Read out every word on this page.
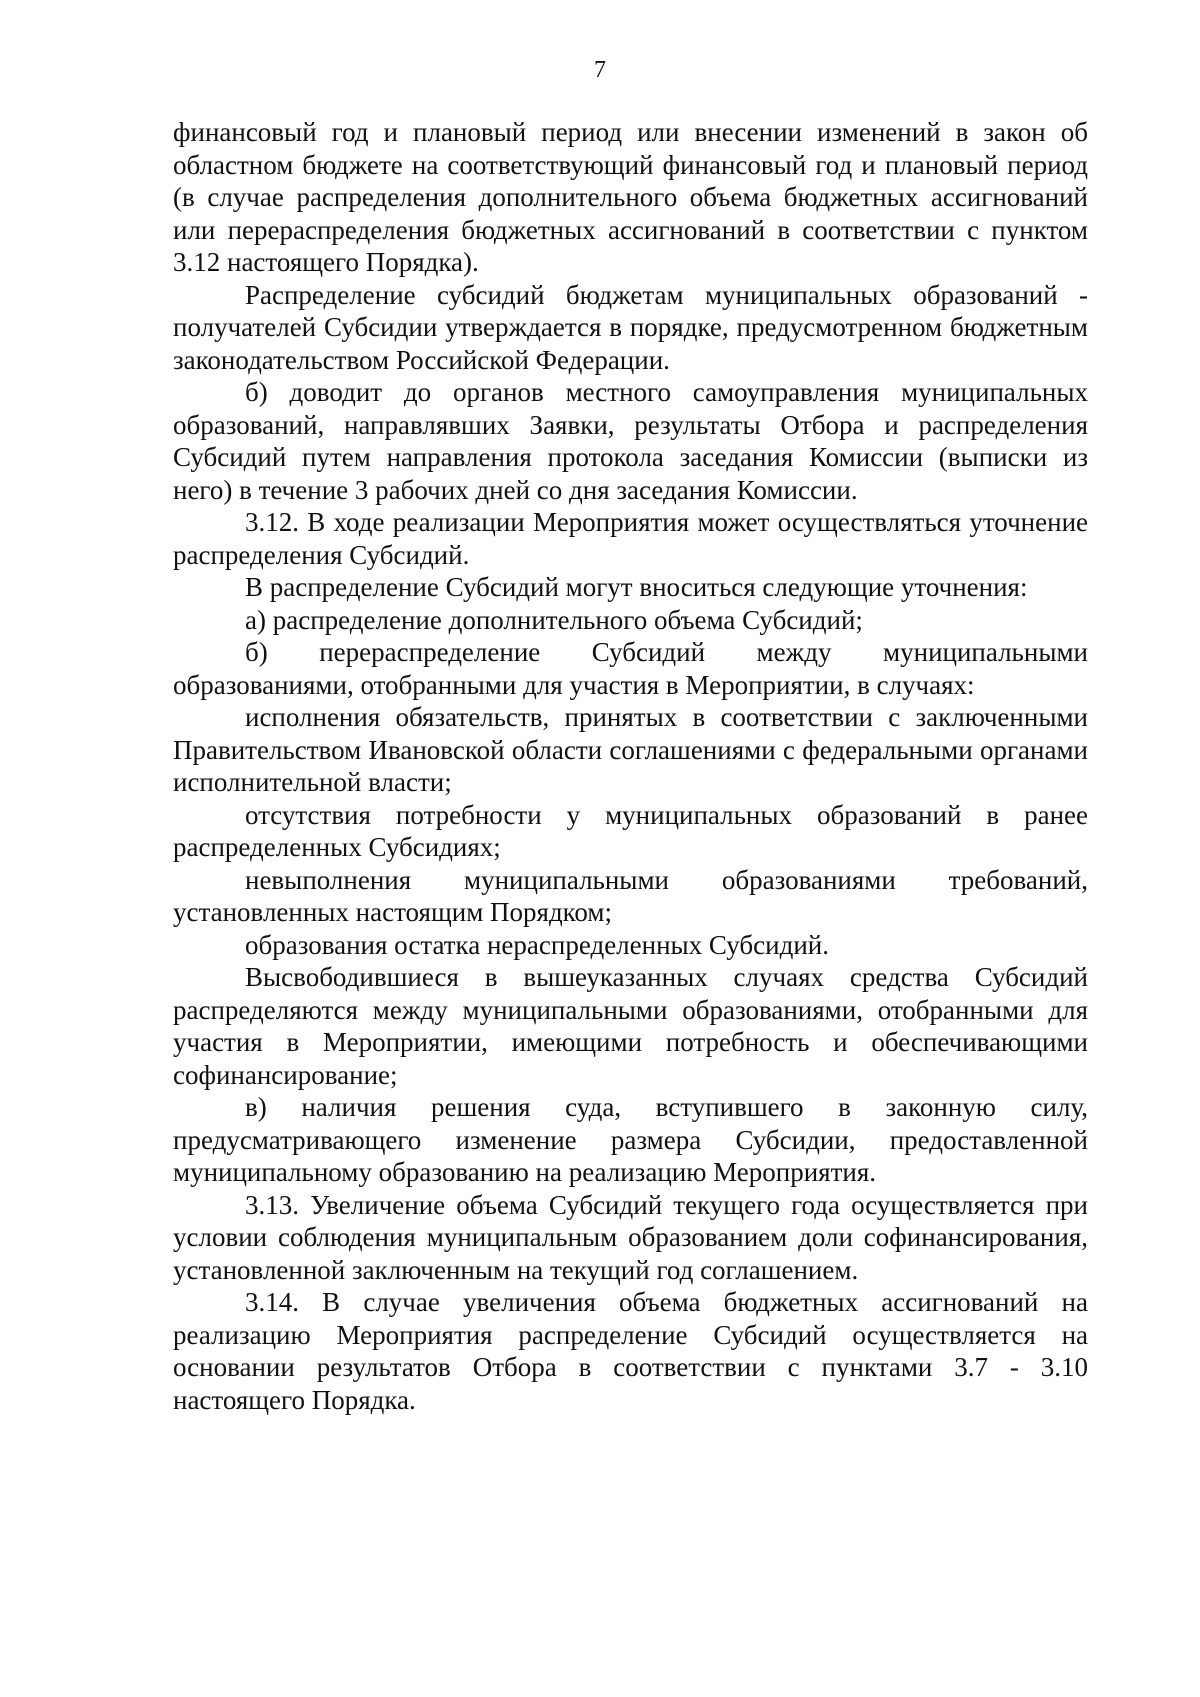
7

финансовый год и плановый период или внесении изменений в закон об областном бюджете на соответствующий финансовый год и плановый период (в случае распределения дополнительного объема бюджетных ассигнований или перераспределения бюджетных ассигнований в соответствии с пунктом 3.12 настоящего Порядка).

Распределение субсидий бюджетам муниципальных образований - получателей Субсидии утверждается в порядке, предусмотренном бюджетным законодательством Российской Федерации.

б) доводит до органов местного самоуправления муниципальных образований, направлявших Заявки, результаты Отбора и распределения Субсидий путем направления протокола заседания Комиссии (выписки из него) в течение 3 рабочих дней со дня заседания Комиссии.

3.12. В ходе реализации Мероприятия может осуществляться уточнение распределения Субсидий.

В распределение Субсидий могут вноситься следующие уточнения:

а) распределение дополнительного объема Субсидий;

б) перераспределение Субсидий между муниципальными образованиями, отобранными для участия в Мероприятии, в случаях:

исполнения обязательств, принятых в соответствии с заключенными Правительством Ивановской области соглашениями с федеральными органами исполнительной власти;

отсутствия потребности у муниципальных образований в ранее распределенных Субсидиях;

невыполнения муниципальными образованиями требований, установленных настоящим Порядком;

образования остатка нераспределенных Субсидий.

Высвободившиеся в вышеуказанных случаях средства Субсидий распределяются между муниципальными образованиями, отобранными для участия в Мероприятии, имеющими потребность и обеспечивающими софинансирование;

в) наличия решения суда, вступившего в законную силу, предусматривающего изменение размера Субсидии, предоставленной муниципальному образованию на реализацию Мероприятия.

3.13. Увеличение объема Субсидий текущего года осуществляется при условии соблюдения муниципальным образованием доли софинансирования, установленной заключенным на текущий год соглашением.

3.14. В случае увеличения объема бюджетных ассигнований на реализацию Мероприятия распределение Субсидий осуществляется на основании результатов Отбора в соответствии с пунктами 3.7 - 3.10 настоящего Порядка.
